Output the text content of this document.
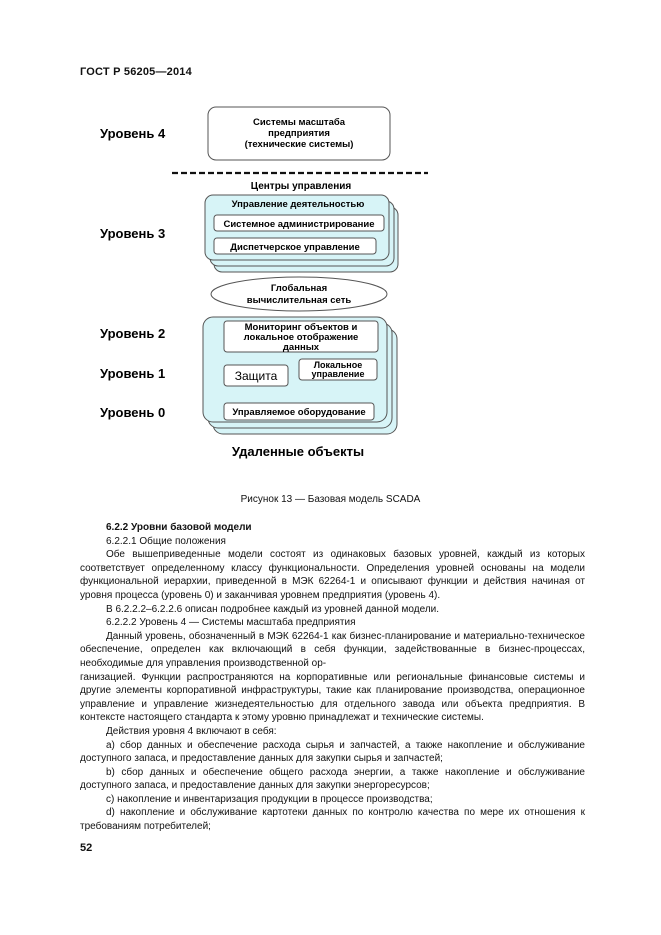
ГОСТ Р 56205—2014
Уровень 4
Уровень 3
Уровень 2
Уровень 1
Уровень 0
Системы масштаба
предприятия
(технические системы)
Центры управления
Управление деятельностью
Системное администрирование
Диспетчерское управление
Глобальная
вычислительная сеть
Мониторинг объектов и
локальное отображение
данных
Защита
Локальное
управление
Управляемое оборудование
Удаленные объекты
Рисунок 13 — Базовая модель SCADA

6.2.2 Уровни базовой модели

6.2.2.1 Общие положения

Обе вышеприведенные модели состоят из одинаковых базовых уровней, каждый из которых соответствует определенному классу функциональности. Определения уровней основаны на модели функциональной иерархии, приведенной в МЭК 62264-1 и описывают функции и действия начиная от уровня процесса (уровень 0) и заканчивая уровнем предприятия (уровень 4).

В 6.2.2.2–6.2.2.6 описан подробнее каждый из уровней данной модели.

6.2.2.2 Уровень 4 — Системы масштаба предприятия

Данный уровень, обозначенный в МЭК 62264-1 как бизнес-планирование и материально-техническое обеспечение, определен как включающий в себя функции, задействованные в бизнес-процессах, необходимые для управления производственной ор-

ганизацией. Функции распространяются на корпоративные или региональные финансовые системы и другие элементы корпоративной инфраструктуры, такие как планирование производства, операционное управление и управление жизнедеятельностью для отдельного завода или объекта предприятия. В контексте настоящего стандарта к этому уровню принадлежат и технические системы.

Действия уровня 4 включают в себя:

a) сбор данных и обеспечение расхода сырья и запчастей, а также накопление и обслуживание доступного запаса, и предоставление данных для закупки сырья и запчастей;

b) сбор данных и обеспечение общего расхода энергии, а также накопление и обслуживание доступного запаса, и предоставление данных для закупки энергоресурсов;

c) накопление и инвентаризация продукции в процессе производства;

d) накопление и обслуживание картотеки данных по контролю качества по мере их отношения к требованиям потребителей;

52
